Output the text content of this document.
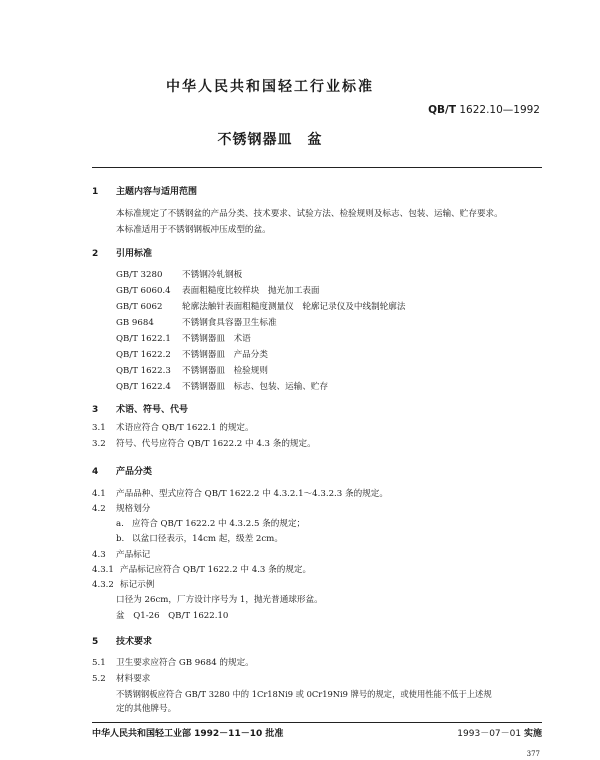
中华人民共和国轻工行业标准
QB/T 1622.10—1992
不锈钢器皿　盆
1 主题内容与适用范围
本标准规定了不锈钢盆的产品分类、技术要求、试验方法、检验规则及标志、包装、运输、贮存要求。
本标准适用于不锈钢钢板冲压成型的盆。
2 引用标准
GB/T 3280 不锈钢冷轧钢板
GB/T 6060.4 表面粗糙度比较样块　抛光加工表面
GB/T 6062 轮廓法触针表面粗糙度测量仪　轮廓记录仪及中线制轮廓法
GB 9684	不锈钢食具容器卫生标准
QB/T 1622.1 不锈钢器皿　术语
QB/T 1622.2 不锈钢器皿　产品分类
QB/T 1622.3 不锈钢器皿　检验规则
QB/T 1622.4 不锈钢器皿　标志、包装、运输、贮存
3 术语、符号、代号
3.1 术语应符合 QB/T 1622.1 的规定。
3.2 符号、代号应符合 QB/T 1622.2 中 4.3 条的规定。
4 产品分类
4.1 产品品种、型式应符合 QB/T 1622.2 中 4.3.2.1～4.3.2.3 条的规定。
4.2 规格划分
a. 应符合 QB/T 1622.2 中 4.3.2.5 条的规定；
b. 以盆口径表示，14cm 起，级差 2cm。
4.3 产品标记
4.3.1 产品标记应符合 QB/T 1622.2 中 4.3 条的规定。
4.3.2 标记示例
口径为 26cm，厂方设计序号为 1，抛光普通球形盆。
盆　Q1-26　QB/T 1622.10
5 技术要求
5.1 卫生要求应符合 GB 9684 的规定。
5.2 材料要求
不锈钢钢板应符合 GB/T 3280 中的 1Cr18Ni9 或 0Cr19Ni9 牌号的规定，或使用性能不低于上述规
定的其他牌号。
中华人民共和国轻工业部 1992－11－10 批准	1993－07－01 实施
377
